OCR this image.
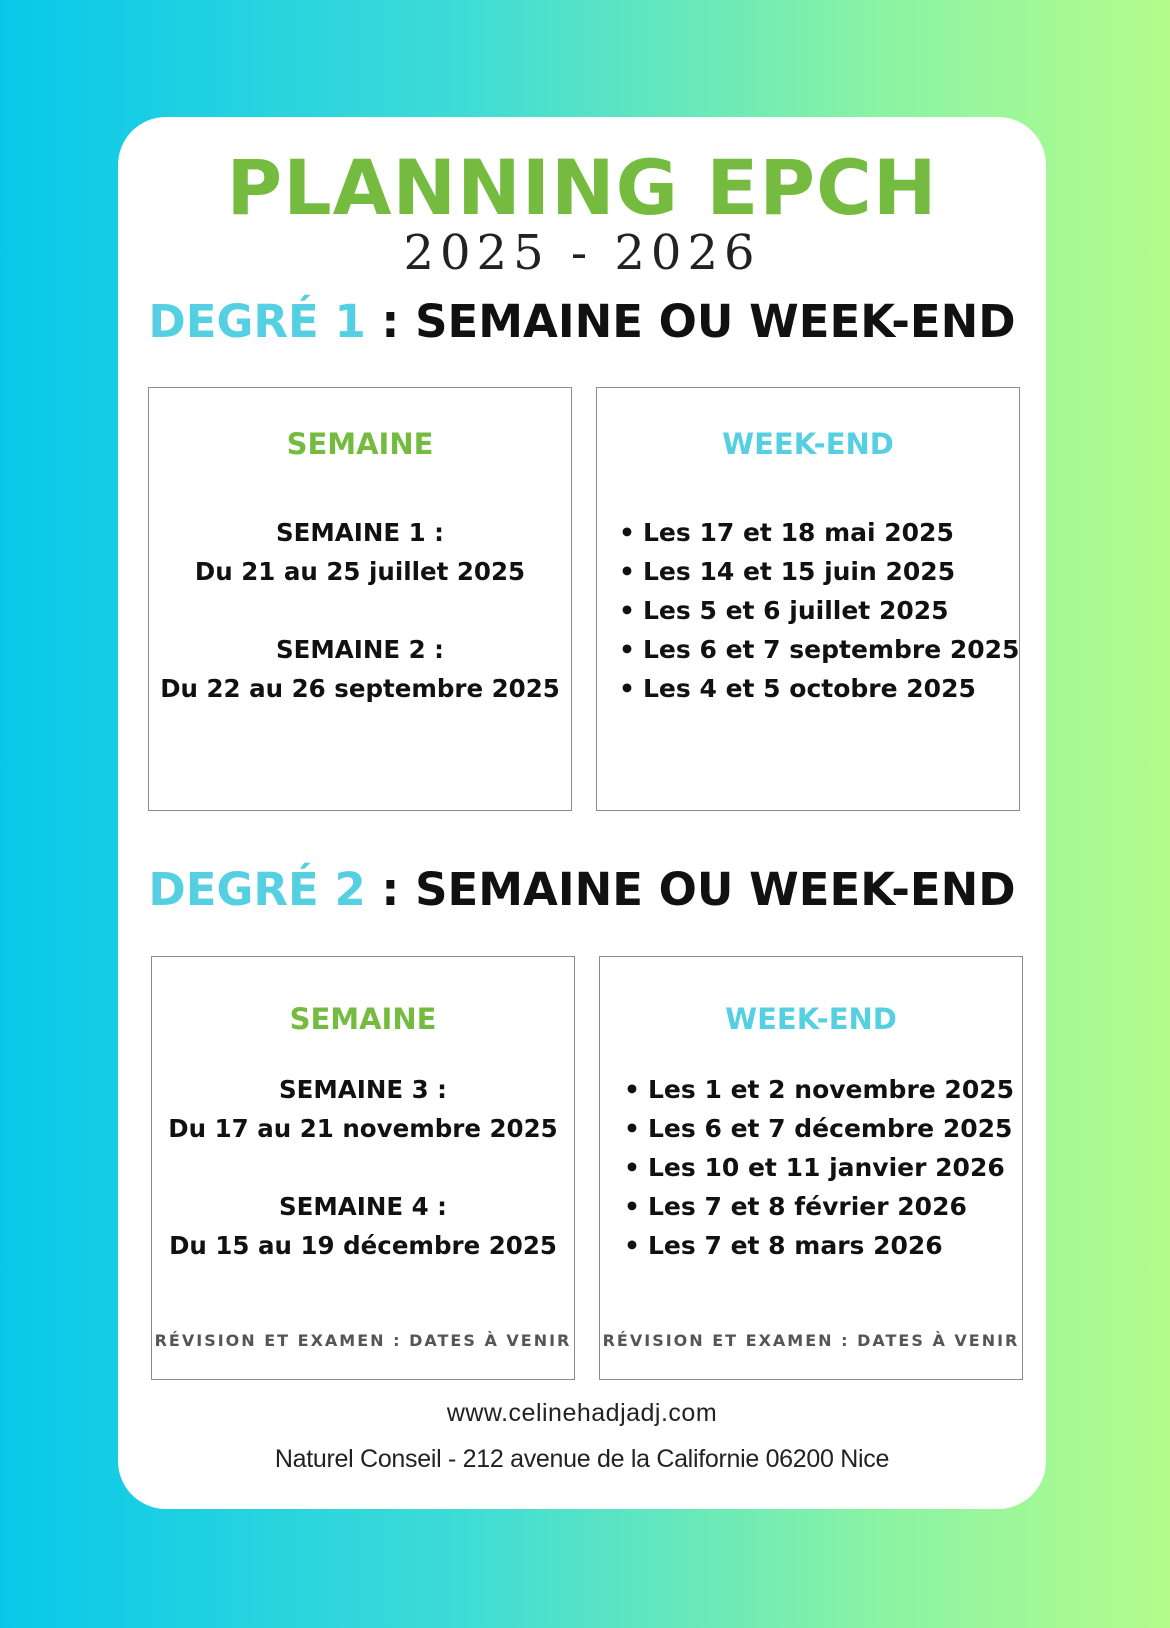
PLANNING EPCH
2025 - 2026
DEGRÉ 1 : SEMAINE OU WEEK-END
SEMAINE
SEMAINE 1 :
Du 21 au 25 juillet 2025
SEMAINE 2 :
Du 22 au 26 septembre 2025
WEEK-END
• Les 17 et 18 mai 2025
• Les 14 et 15 juin 2025
• Les 5 et 6 juillet 2025
• Les 6 et 7 septembre 2025
• Les 4 et 5 octobre 2025
DEGRÉ 2 : SEMAINE OU WEEK-END
SEMAINE
SEMAINE 3 :
Du 17 au 21 novembre 2025
SEMAINE 4 :
Du 15 au 19 décembre 2025
RÉVISION ET EXAMEN : DATES À VENIR
WEEK-END
• Les 1 et 2 novembre 2025
• Les 6 et 7 décembre 2025
• Les 10 et 11 janvier 2026
• Les 7 et 8 février 2026
• Les 7 et 8 mars 2026
RÉVISION ET EXAMEN : DATES À VENIR
www.celinehadjadj.com
Naturel Conseil - 212 avenue de la Californie 06200 Nice
